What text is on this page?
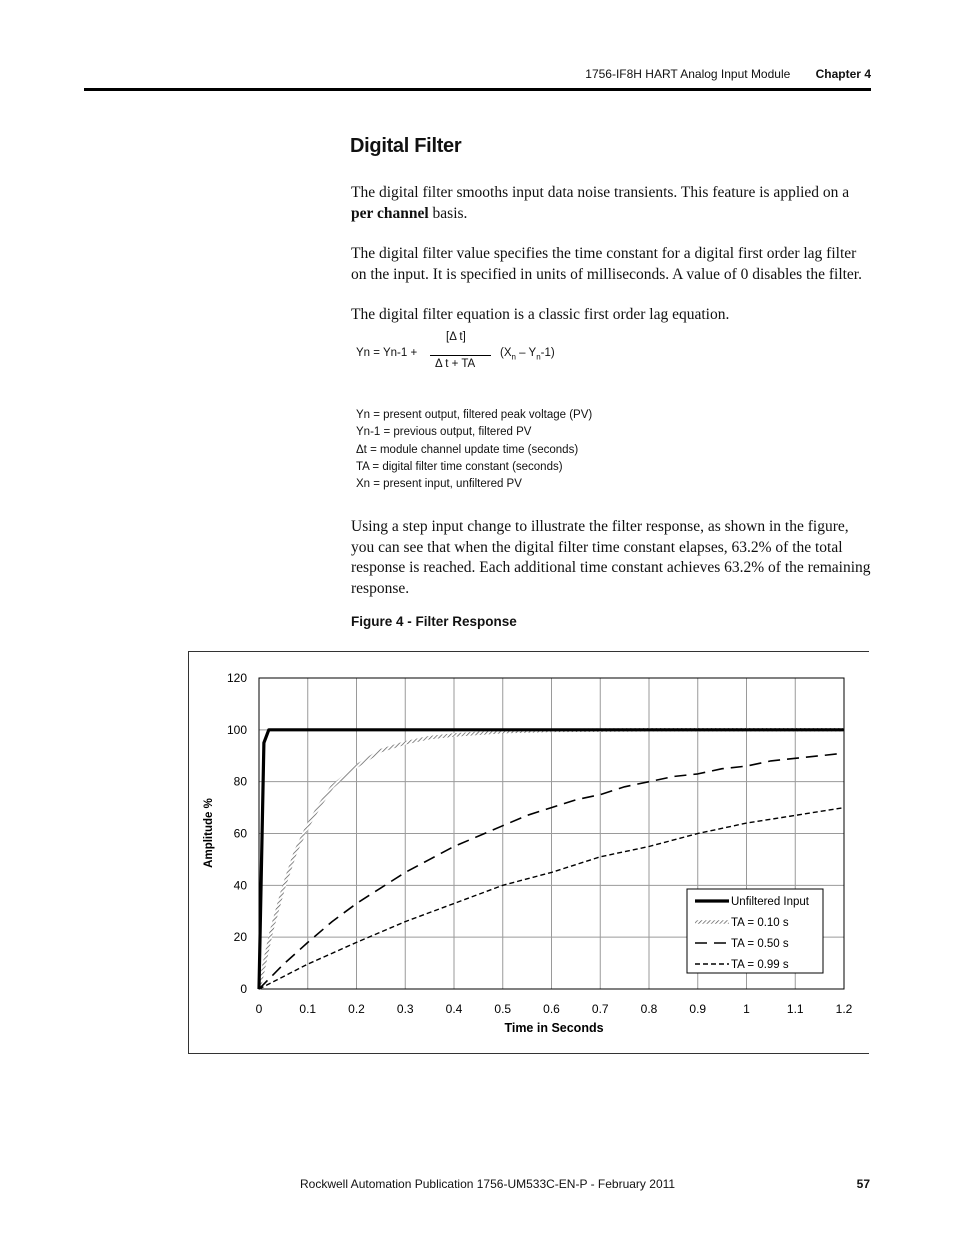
1756-IF8H HART Analog Input Module Chapter 4
Digital Filter
The digital filter smooths input data noise transients. This feature is applied on a per channel basis.
The digital filter value specifies the time constant for a digital first order lag filter on the input. It is specified in units of milliseconds. A value of 0 disables the filter.
The digital filter equation is a classic first order lag equation.
Yn = Yn-1 +
[Δ t]
Δ t + TA
$(X_n - Y_n-1)$
Yn = present output, filtered peak voltage (PV)
Yn-1 = previous output, filtered PV
Δt = module channel update time (seconds)
TA = digital filter time constant (seconds)
Xn = present input, unfiltered PV
Using a step input change to illustrate the filter response, as shown in the figure, you can see that when the digital filter time constant elapses, 63.2% of the total response is reached. Each additional time constant achieves 63.2% of the remaining response.
Figure 4 - Filter Response
0	0.1	0.2	0.3	0.4	0.5	0.6	0.7	0.8	0.9	1	1.1	1.2
0
20
40
60
80
100
120
Amplitude %
Time in Seconds
Unfiltered Input
TA = 0.10 s
TA = 0.50 s
TA = 0.99 s
Rockwell Automation Publication 1756-UM533C-EN-P - February 2011	57
